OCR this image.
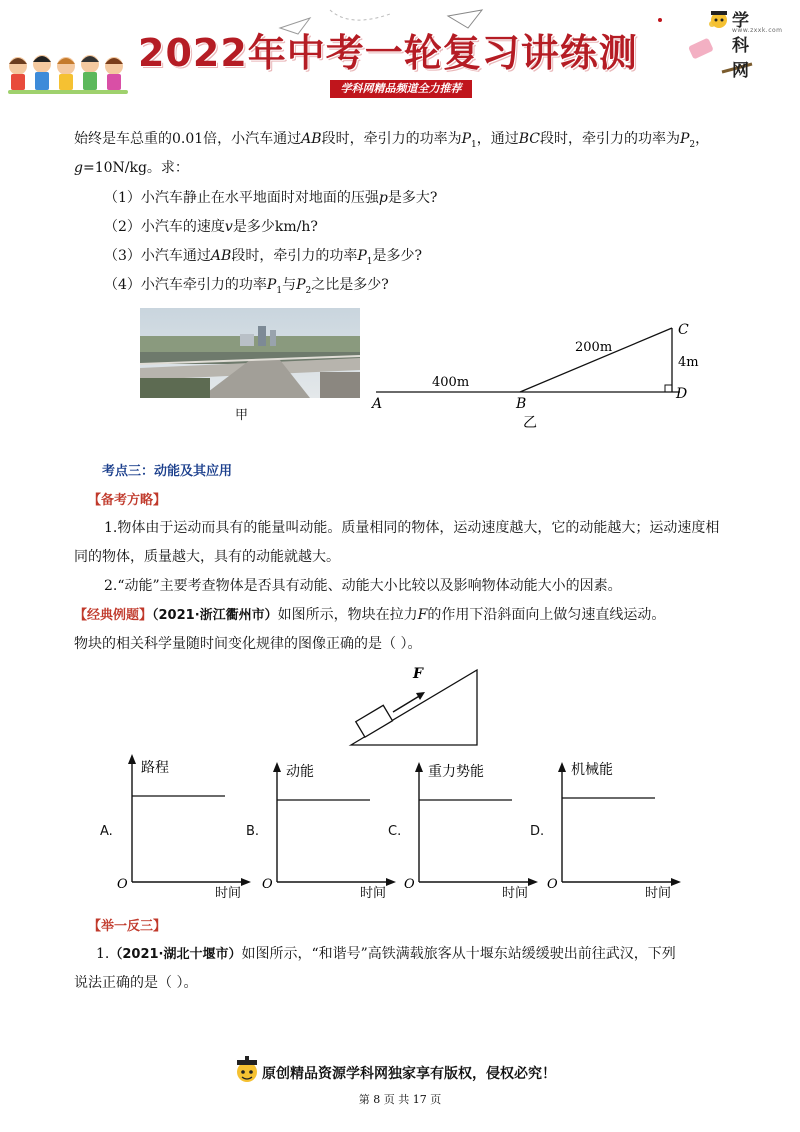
2022年中考一轮复习讲练测
学科网精品频道全力推荐
学科网
www.zxxk.com
始终是车总重的0.01倍，小汽车通过AB段时，牵引力的功率为$P_1$，通过BC段时，牵引力的功率为$P_2$，
g=10N/kg。求：
（1）小汽车静止在水平地面时对地面的压强p是多大?
（2）小汽车的速度v是多少km/h?
（3）小汽车通过AB段时，牵引力的功率$P_1$是多少?
（4）小汽车牵引力的功率$P_1$与$P_2$之比是多少?
甲
A	B
C
D
400m
200m
4m
乙
考点三：动能及其应用
【备考方略】
1.物体由于运动而具有的能量叫动能。质量相同的物体，运动速度越大，它的动能越大；运动速度相
同的物体，质量越大，具有的动能就越大。
2.“动能”主要考查物体是否具有动能、动能大小比较以及影响物体动能大小的因素。
【经典例题】（2021·浙江衢州市）如图所示，物块在拉力F的作用下沿斜面向上做匀速直线运动。
物块的相关科学量随时间变化规律的图像正确的是（ ）。
F
A.
路程
O
时间
B.
动能
O
时间
C.
重力势能
O
时间
D.
机械能
O
时间
【举一反三】
1.（2021·湖北十堰市）如图所示，“和谐号”高铁满载旅客从十堰东站缓缓驶出前往武汉，下列
说法正确的是（ ）。
原创精品资源学科网独家享有版权，侵权必究！
第 8 页 共 17 页
